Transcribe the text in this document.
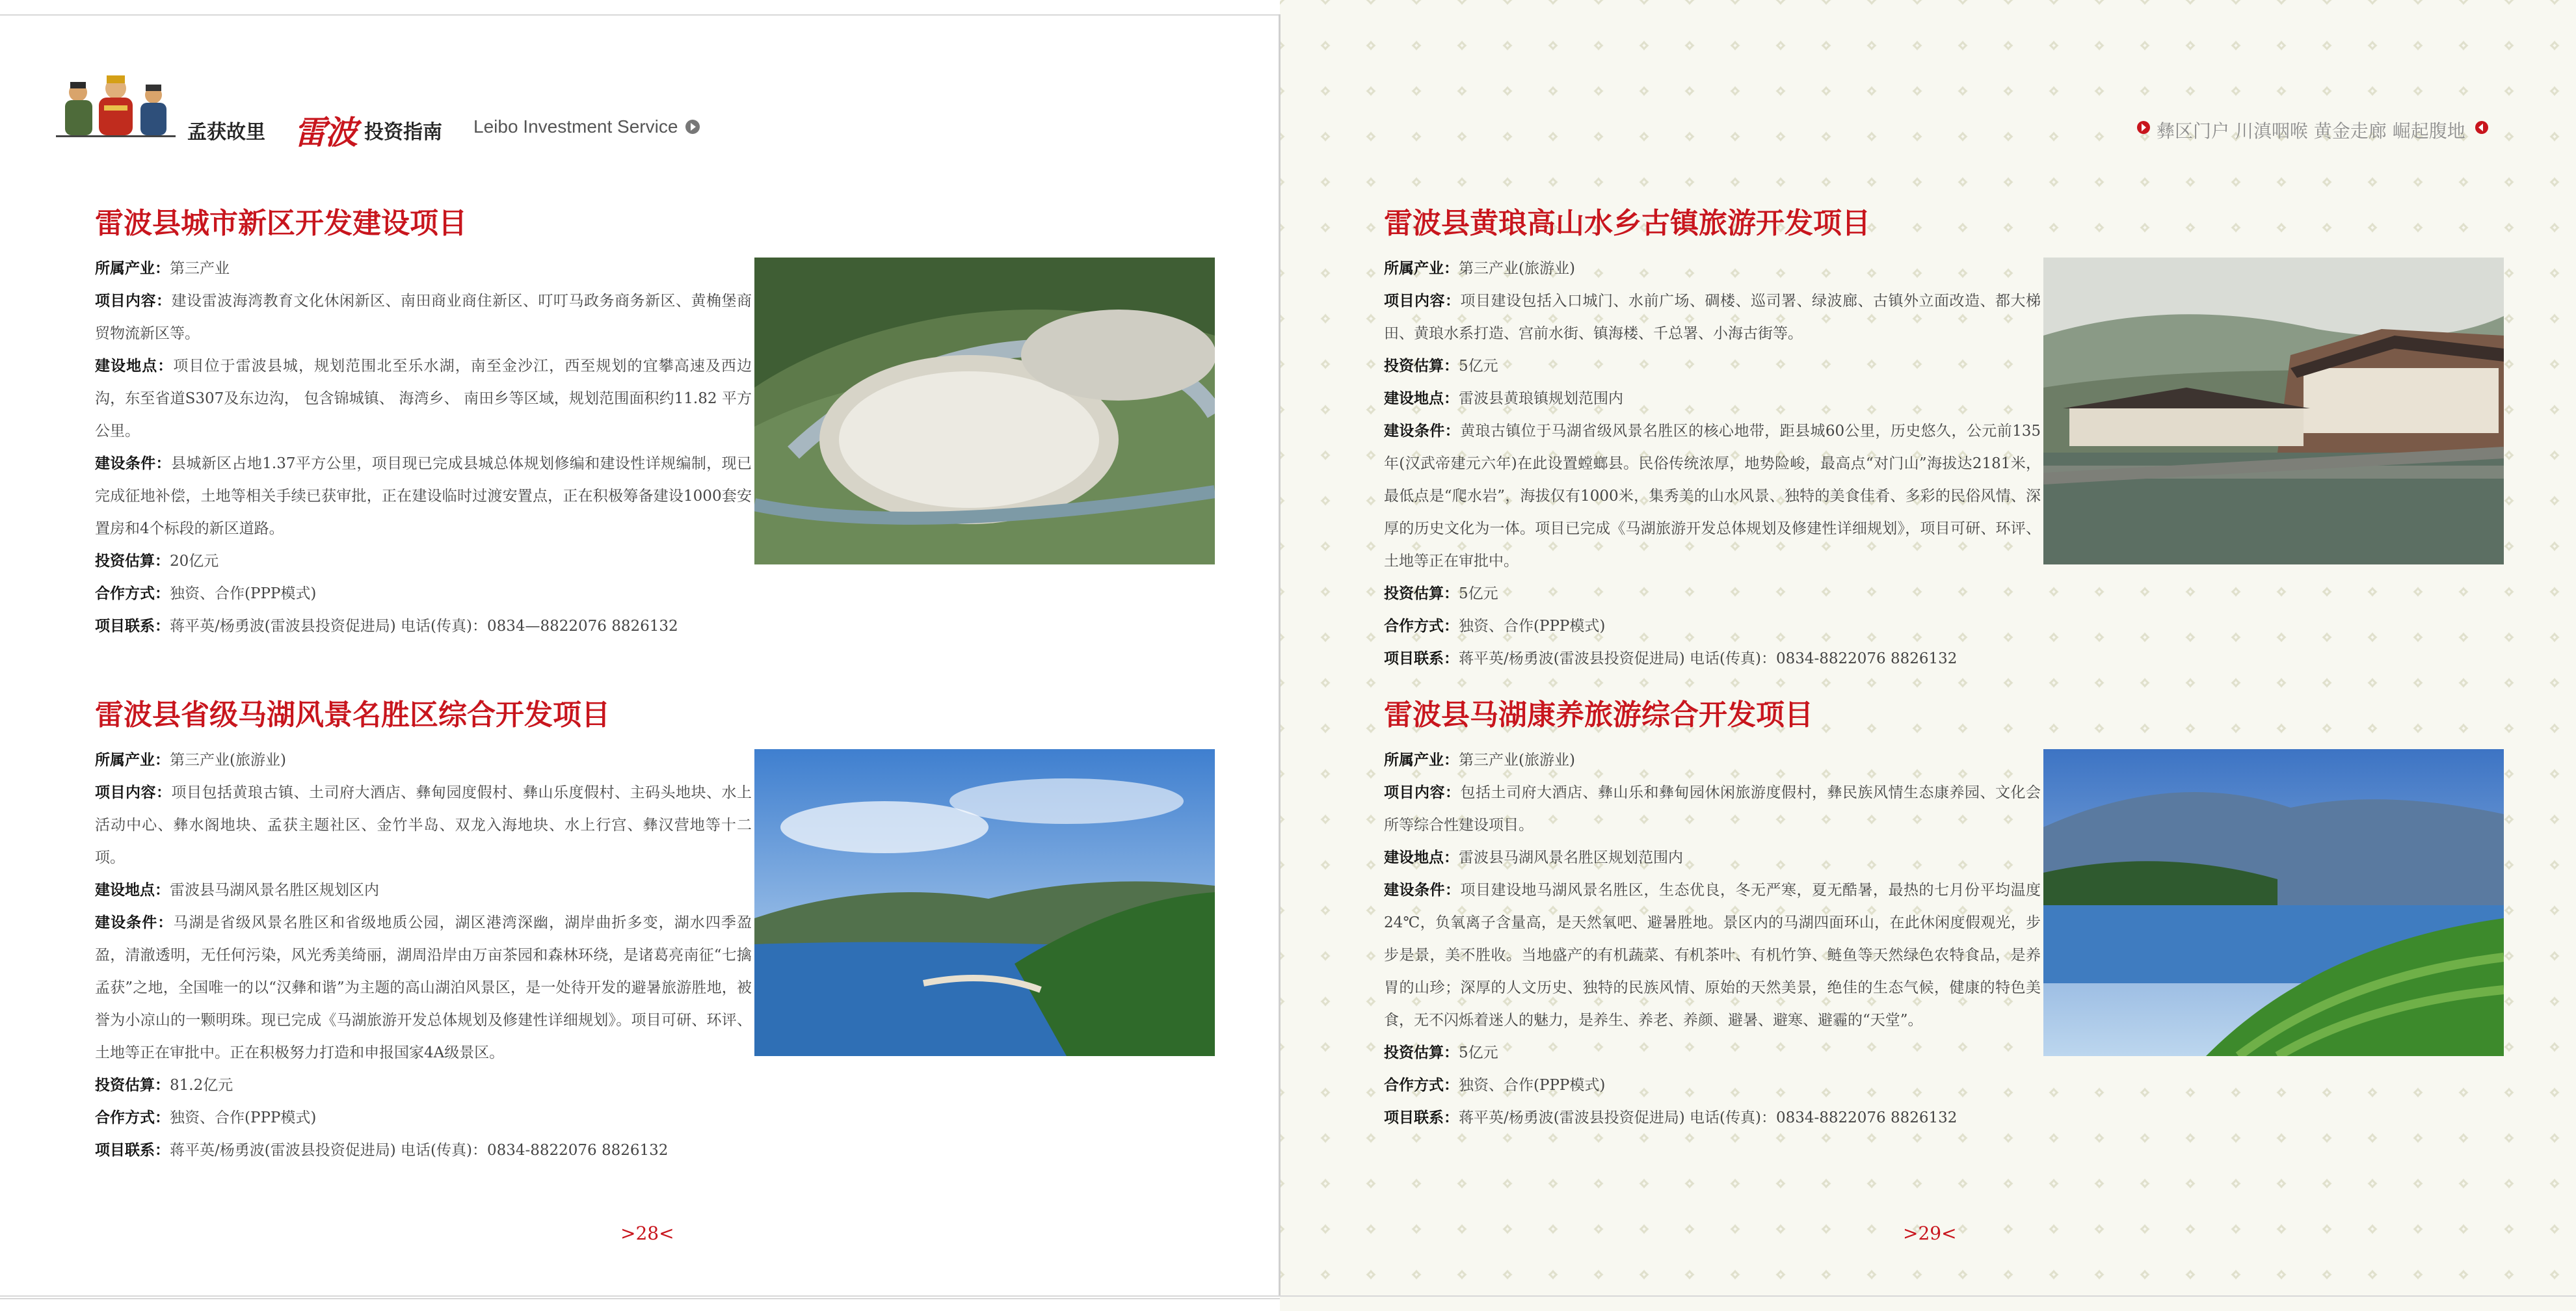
孟获故里 雷波 投资指南 Leibo Investment Service	彝区门户 川滇咽喉 黄金走廊 崛起腹地
雷波县城市新区开发建设项目
所属产业：第三产业
项目内容：建设雷波海湾教育文化休闲新区、南田商业商住新区、叮叮马政务商务新区、黄桷堡商贸物流新区等。
建设地点：项目位于雷波县城，规划范围北至乐水湖，南至金沙江，西至规划的宜攀高速及西边沟，东至省道S307及东边沟， 包含锦城镇、 海湾乡、 南田乡等区域，规划范围面积约11.82 平方公里。
建设条件：县城新区占地1.37平方公里，项目现已完成县城总体规划修编和建设性详规编制，现已完成征地补偿，土地等相关手续已获审批，正在建设临时过渡安置点，正在积极筹备建设1000套安置房和4个标段的新区道路。
投资估算：20亿元
合作方式：独资、合作(PPP模式)
项目联系：蒋平英/杨勇波(雷波县投资促进局) 电话(传真)：0834—8822076 8826132
雷波县省级马湖风景名胜区综合开发项目
所属产业：第三产业(旅游业)
项目内容：项目包括黄琅古镇、土司府大酒店、彝甸园度假村、彝山乐度假村、主码头地块、水上活动中心、彝水阁地块、孟获主题社区、金竹半岛、双龙入海地块、水上行宫、彝汉营地等十二项。
建设地点：雷波县马湖风景名胜区规划区内
建设条件：马湖是省级风景名胜区和省级地质公园，湖区港湾深幽，湖岸曲折多变，湖水四季盈盈，清澈透明，无任何污染，风光秀美绮丽，湖周沿岸由万亩茶园和森林环绕，是诸葛亮南征“七擒孟获”之地，全国唯一的以“汉彝和谐”为主题的高山湖泊风景区，是一处待开发的避暑旅游胜地，被誉为小凉山的一颗明珠。现已完成《马湖旅游开发总体规划及修建性详细规划》。项目可研、环评、土地等正在审批中。正在积极努力打造和申报国家4A级景区。
投资估算：81.2亿元
合作方式：独资、合作(PPP模式)
项目联系：蒋平英/杨勇波(雷波县投资促进局) 电话(传真)：0834-8822076 8826132
雷波县黄琅高山水乡古镇旅游开发项目
所属产业：第三产业(旅游业)
项目内容：项目建设包括入口城门、水前广场、碉楼、巡司署、绿波廊、古镇外立面改造、都大梯田、黄琅水系打造、宫前水街、镇海楼、千总署、小海古街等。
投资估算：5亿元
建设地点：雷波县黄琅镇规划范围内
建设条件：黄琅古镇位于马湖省级风景名胜区的核心地带，距县城60公里，历史悠久，公元前135年(汉武帝建元六年)在此设置螳螂县。民俗传统浓厚，地势险峻，最高点“对门山”海拔达2181米，最低点是“爬水岩”，海拔仅有1000米，集秀美的山水风景、独特的美食佳肴、多彩的民俗风情、深厚的历史文化为一体。项目已完成《马湖旅游开发总体规划及修建性详细规划》，项目可研、环评、土地等正在审批中。
投资估算：5亿元
合作方式：独资、合作(PPP模式)
项目联系：蒋平英/杨勇波(雷波县投资促进局) 电话(传真)：0834-8822076 8826132
雷波县马湖康养旅游综合开发项目
所属产业：第三产业(旅游业)
项目内容：包括土司府大酒店、彝山乐和彝甸园休闲旅游度假村，彝民族风情生态康养园、文化会所等综合性建设项目。
建设地点：雷波县马湖风景名胜区规划范围内
建设条件：项目建设地马湖风景名胜区，生态优良，冬无严寒，夏无酷暑，最热的七月份平均温度24℃，负氧离子含量高，是天然氧吧、避暑胜地。景区内的马湖四面环山，在此休闲度假观光，步步是景，美不胜收。当地盛产的有机蔬菜、有机茶叶、有机竹笋、鲢鱼等天然绿色农特食品，是养胃的山珍；深厚的人文历史、独特的民族风情、原始的天然美景，绝佳的生态气候，健康的特色美食，无不闪烁着迷人的魅力，是养生、养老、养颜、避暑、避寒、避霾的“天堂”。
投资估算：5亿元
合作方式：独资、合作(PPP模式)
项目联系：蒋平英/杨勇波(雷波县投资促进局) 电话(传真)：0834-8822076 8826132
>28<	>29<
